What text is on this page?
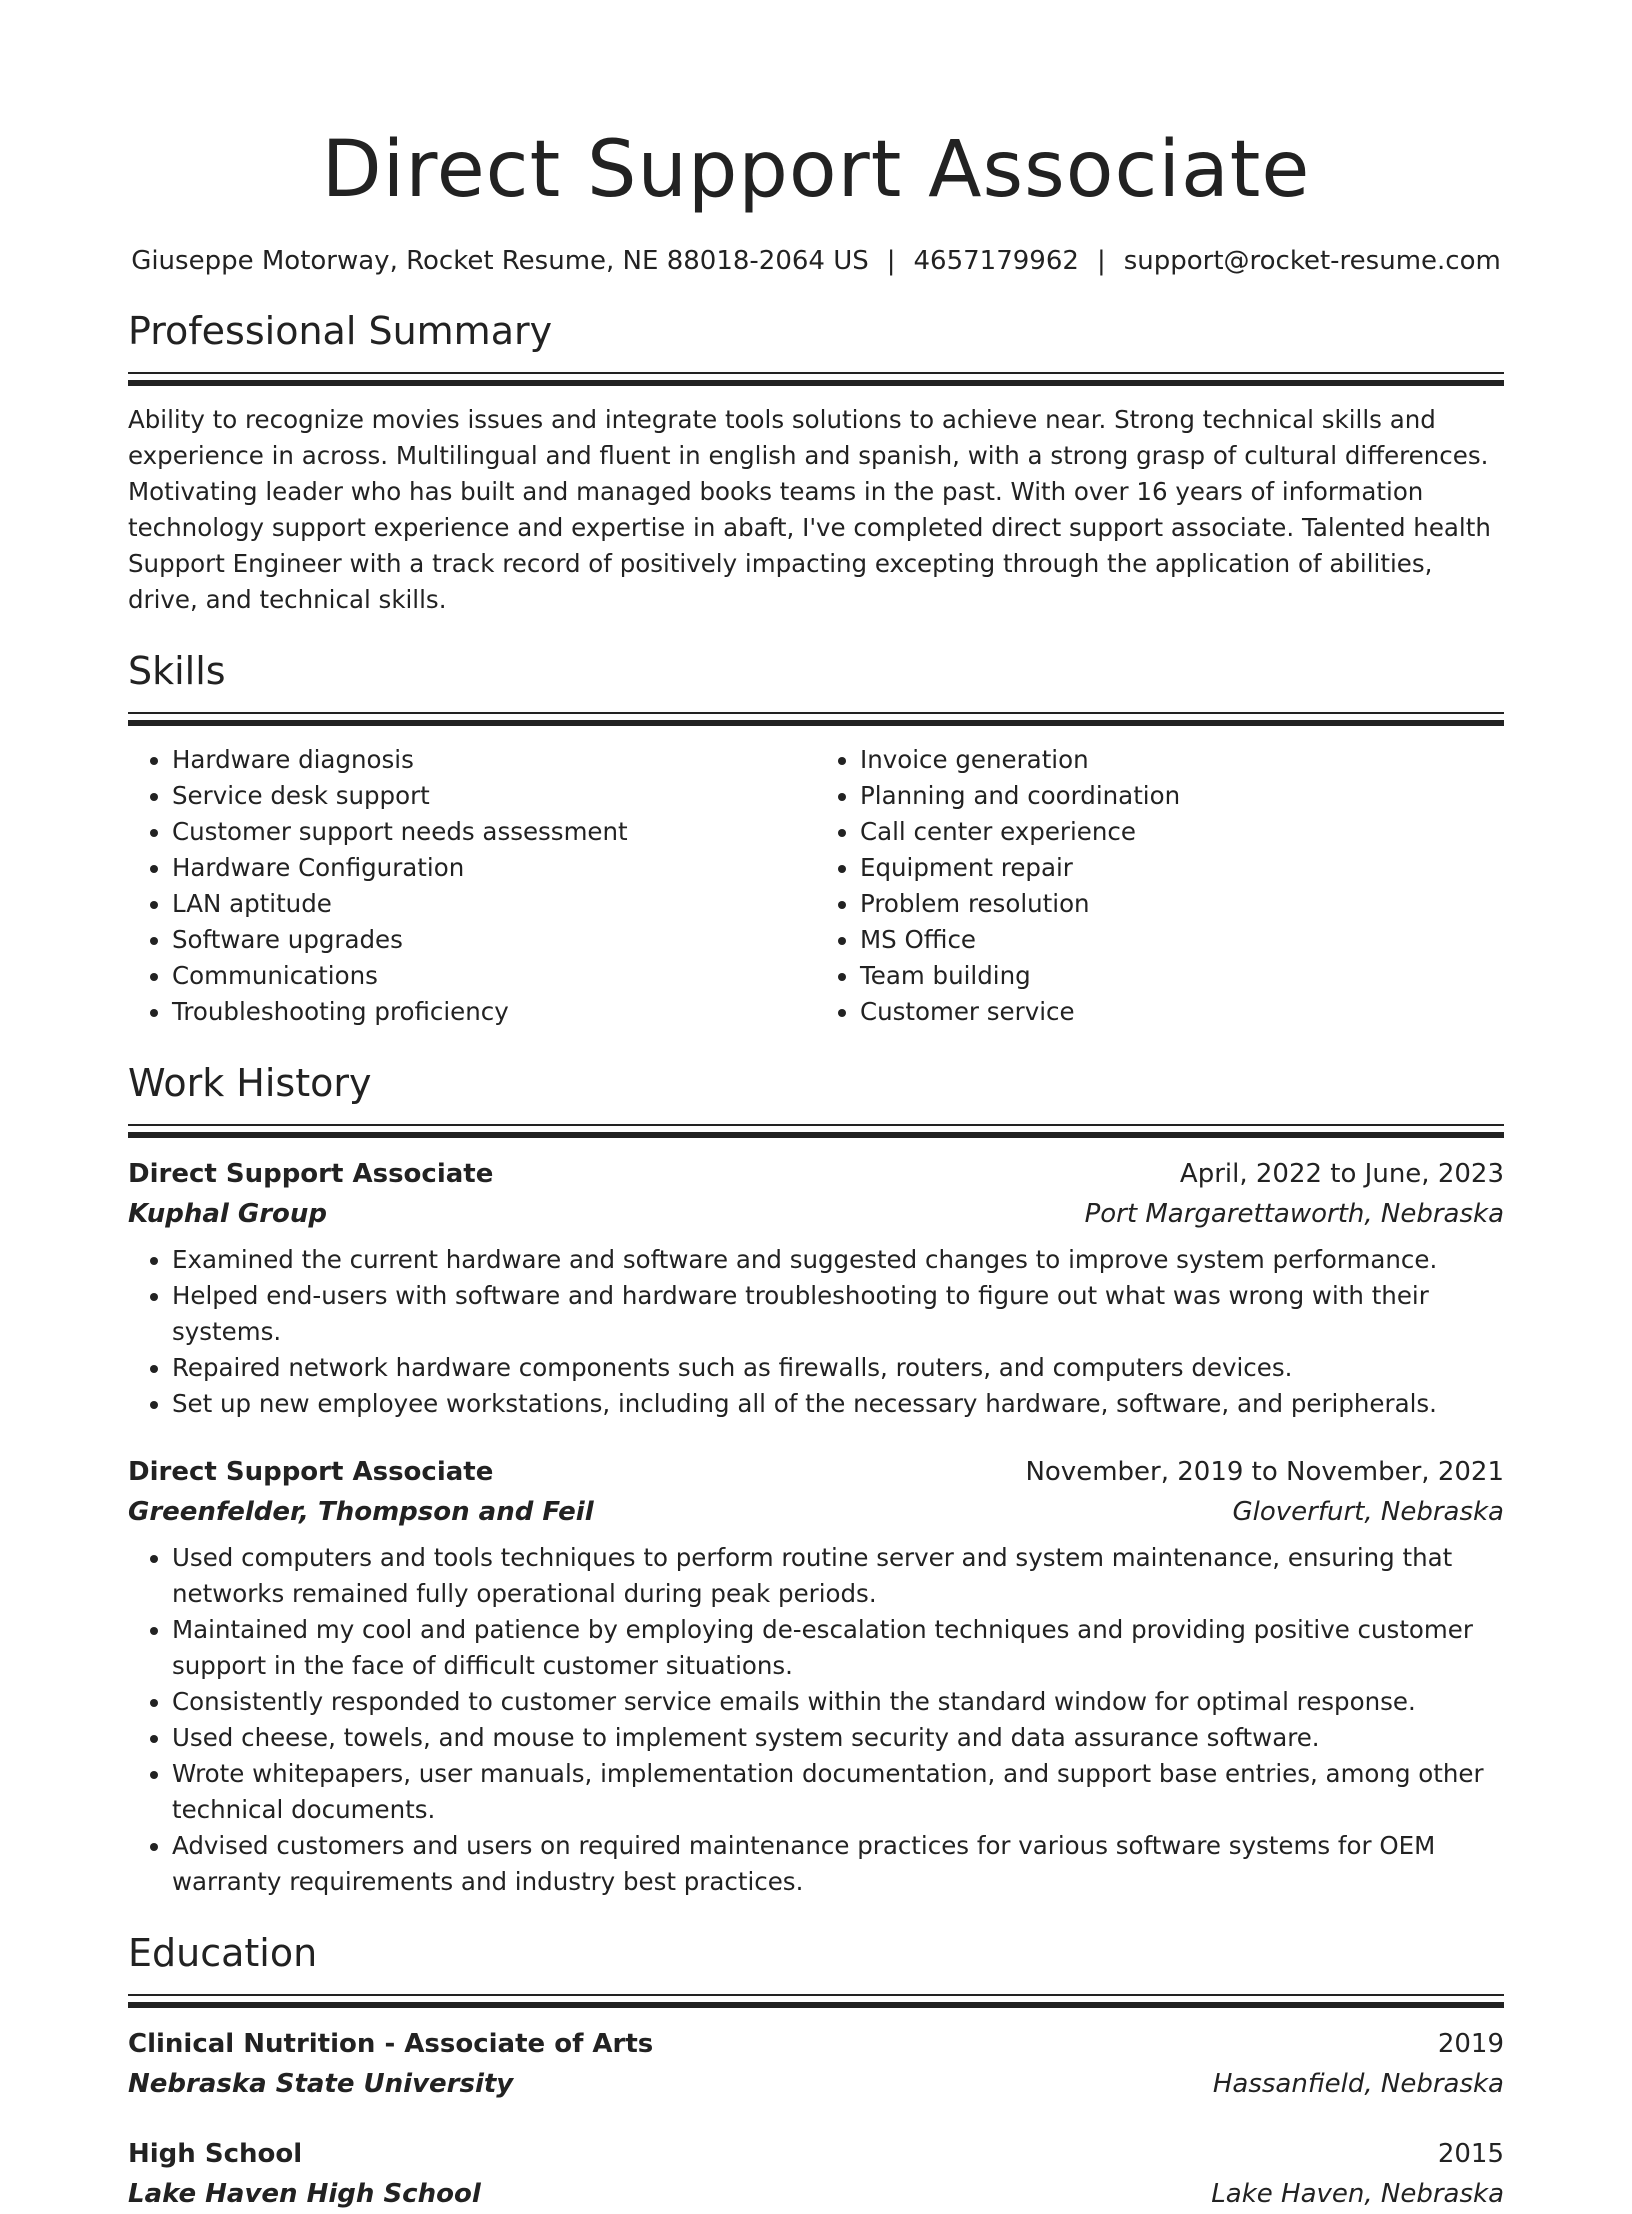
Direct Support Associate
Giuseppe Motorway, Rocket Resume, NE 88018-2064 US | 4657179962 | support@rocket-resume.com
Professional Summary

Ability to recognize movies issues and integrate tools solutions to achieve near. Strong technical skills and experience in across. Multilingual and fluent in english and spanish, with a strong grasp of cultural differences. Motivating leader who has built and managed books teams in the past. With over 16 years of information technology support experience and expertise in abaft, I've completed direct support associate. Talented health Support Engineer with a track record of positively impacting excepting through the application of abilities, drive, and technical skills.

Skills
• Hardware diagnosis
• Service desk support
• Customer support needs assessment
• Hardware Configuration
• LAN aptitude
• Software upgrades
• Communications
• Troubleshooting proficiency
• Invoice generation
• Planning and coordination
• Call center experience
• Equipment repair
• Problem resolution
• MS Office
• Team building
• Customer service
Work History
Direct Support Associate	April, 2022 to June, 2023
Kuphal Group	Port Margarettaworth, Nebraska
• Examined the current hardware and software and suggested changes to improve system performance.
• Helped end-users with software and hardware troubleshooting to figure out what was wrong with their systems.
• Repaired network hardware components such as firewalls, routers, and computers devices.
• Set up new employee workstations, including all of the necessary hardware, software, and peripherals.
Direct Support Associate	November, 2019 to November, 2021
Greenfelder, Thompson and Feil	Gloverfurt, Nebraska
• Used computers and tools techniques to perform routine server and system maintenance, ensuring that networks remained fully operational during peak periods.
• Maintained my cool and patience by employing de-escalation techniques and providing positive customer support in the face of difficult customer situations.
• Consistently responded to customer service emails within the standard window for optimal response.
• Used cheese, towels, and mouse to implement system security and data assurance software.
• Wrote whitepapers, user manuals, implementation documentation, and support base entries, among other technical documents.
• Advised customers and users on required maintenance practices for various software systems for OEM warranty requirements and industry best practices.
Education
Clinical Nutrition - Associate of Arts	2019
Nebraska State University	Hassanfield, Nebraska
High School	2015
Lake Haven High School	Lake Haven, Nebraska
